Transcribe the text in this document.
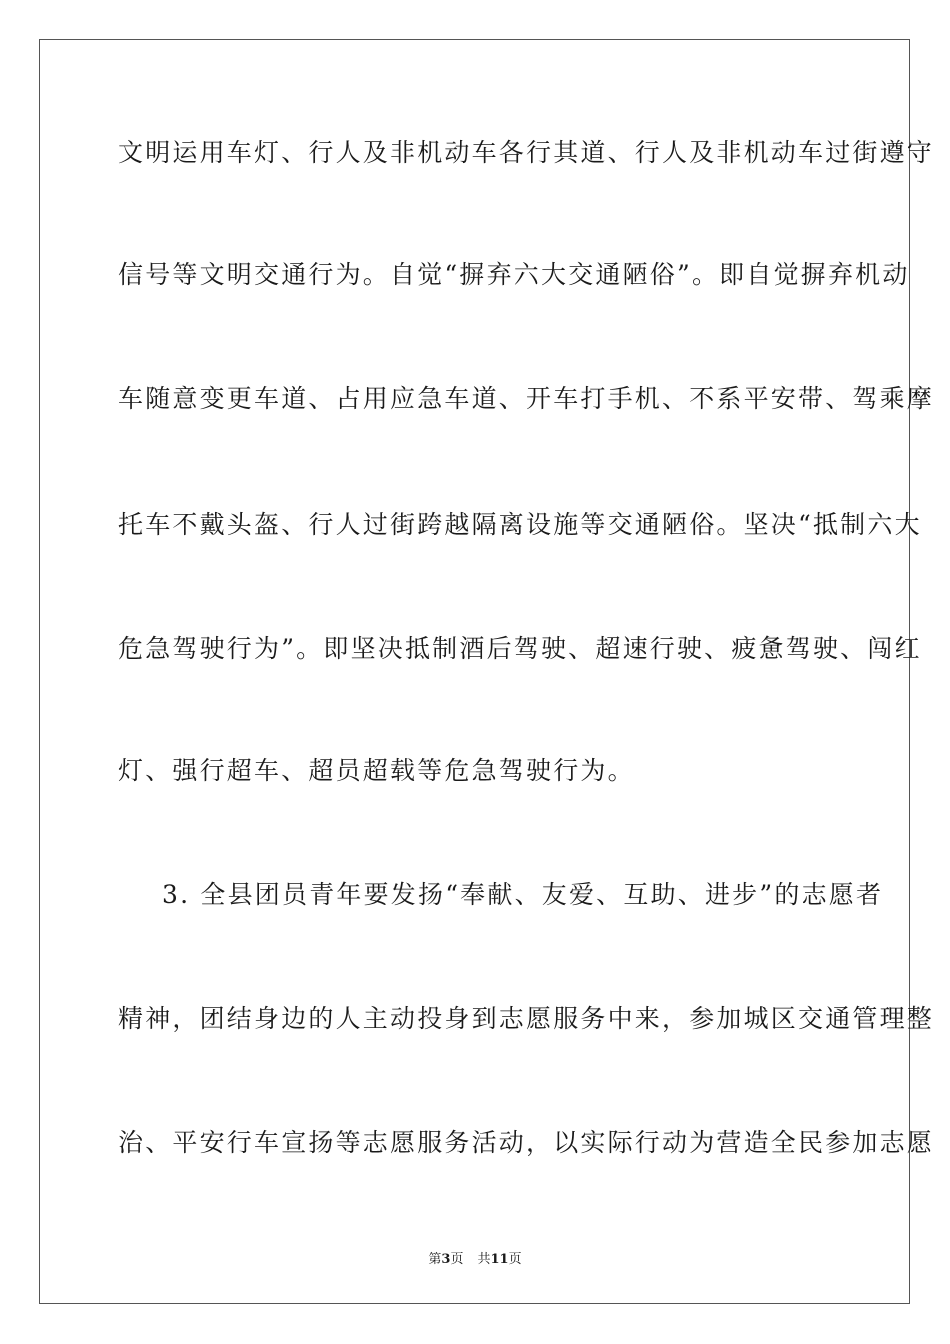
文明运用车灯、行人及非机动车各行其道、行人及非机动车过街遵守

信号等文明交通行为。自觉“摒弃六大交通陋俗”。即自觉摒弃机动

车随意变更车道、占用应急车道、开车打手机、不系平安带、驾乘摩

托车不戴头盔、行人过街跨越隔离设施等交通陋俗。坚决“抵制六大

危急驾驶行为”。即坚决抵制酒后驾驶、超速行驶、疲惫驾驶、闯红

灯、强行超车、超员超载等危急驾驶行为。

3. 全县团员青年要发扬“奉献、友爱、互助、进步”的志愿者

精神，团结身边的人主动投身到志愿服务中来，参加城区交通管理整

治、平安行车宣扬等志愿服务活动，以实际行动为营造全民参加志愿

第3页 共11页
